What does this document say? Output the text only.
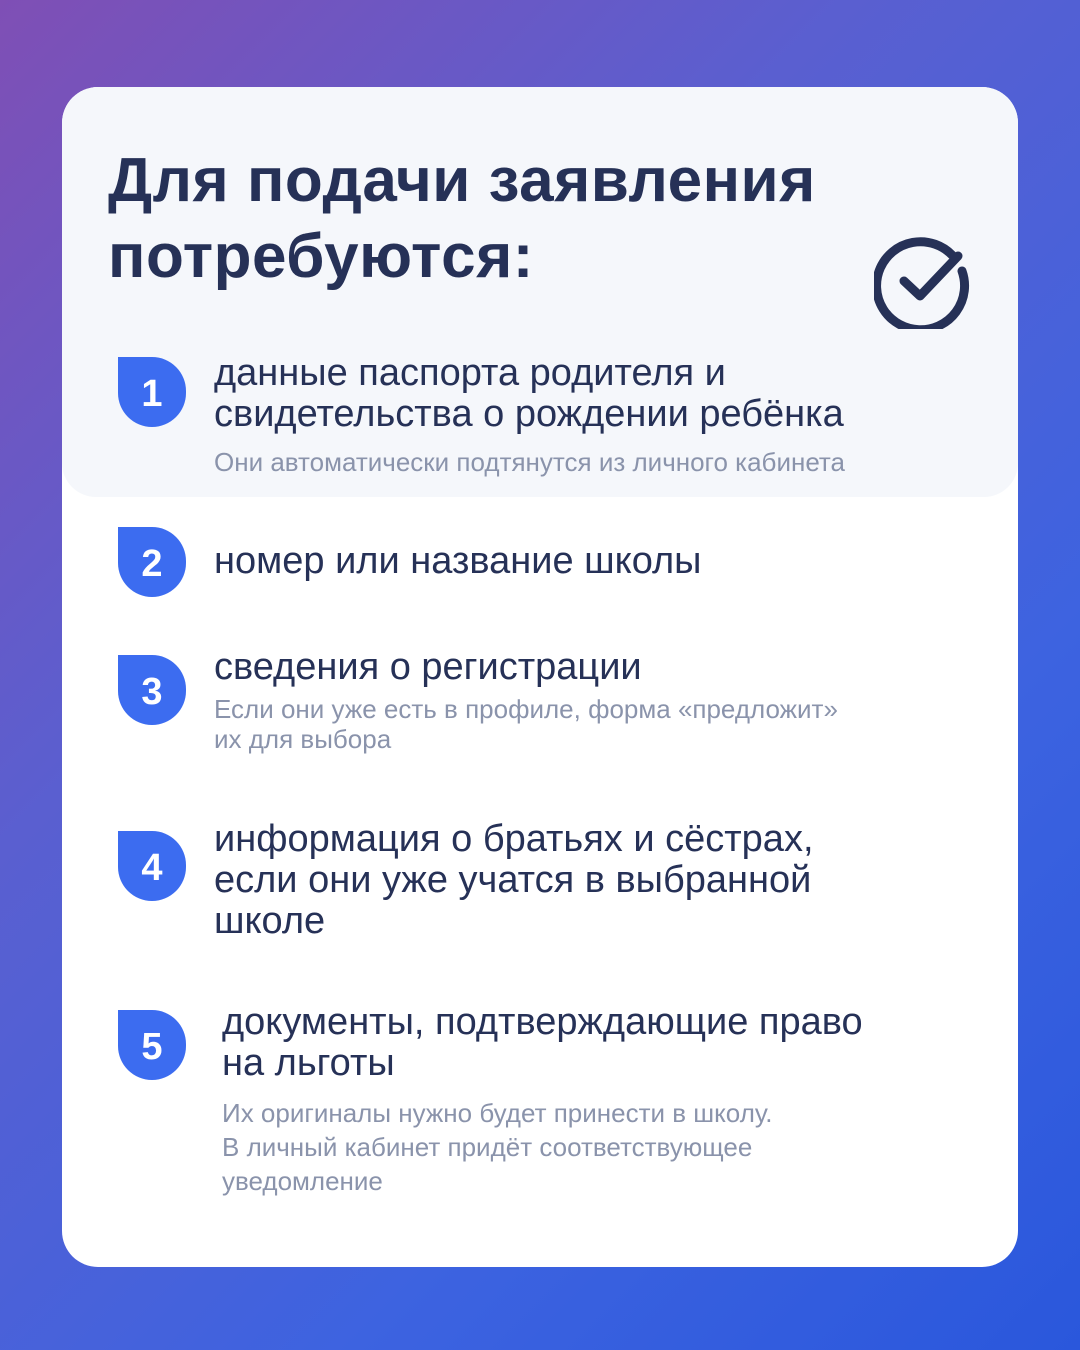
Для подачи заявления
потребуются:
1 данные паспорта родителя и
свидетельства о рождении ребёнка

Они автоматически подтянутся из личного кабинета

2 номер или название школы

3

сведения о регистрации

Если они уже есть в профиле, форма «предложит»
их для выбора

4

информация о братьях и сёстрах,
если они уже учатся в выбранной
школе

5

документы, подтверждающие право
на льготы

Их оригиналы нужно будет принести в школу.
В личный кабинет придёт соответствующее
уведомление
